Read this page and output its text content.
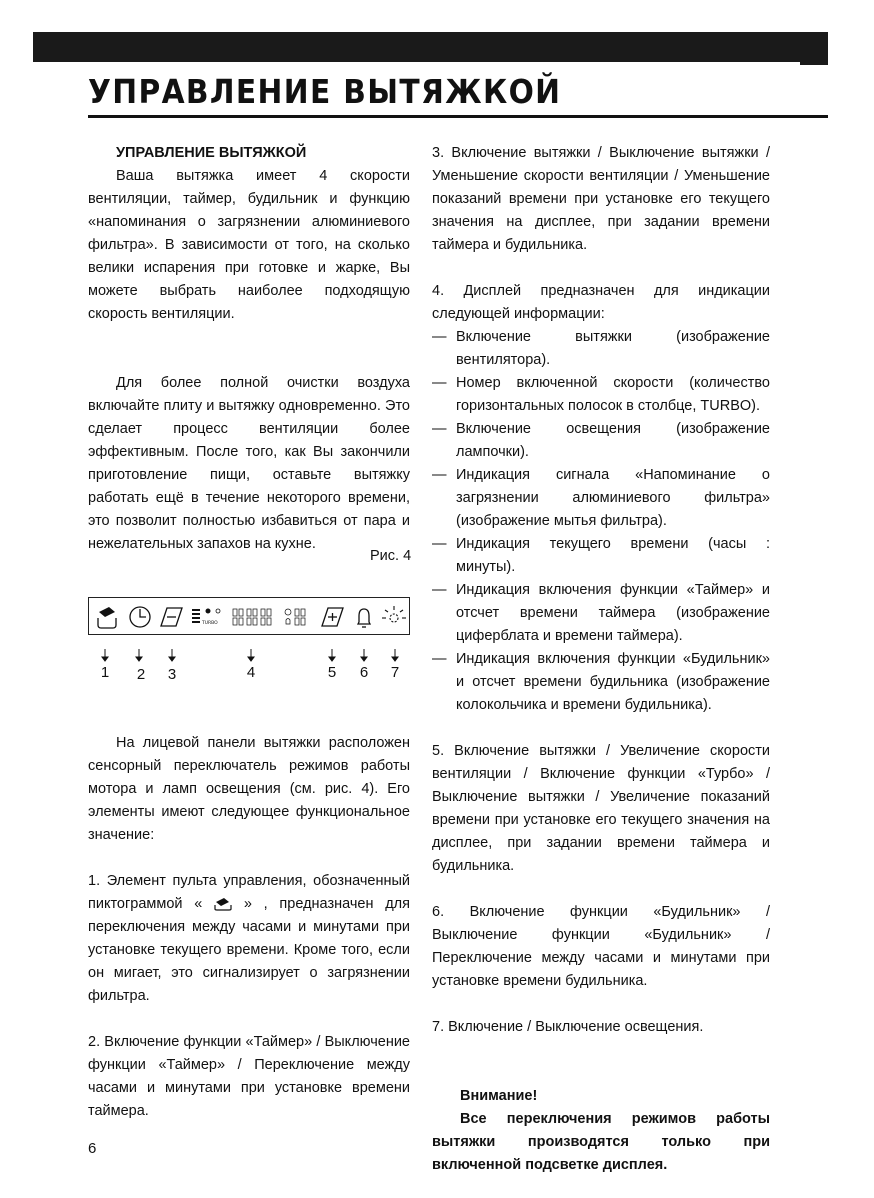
УПРАВЛЕНИЕ ВЫТЯЖКОЙ

УПРАВЛЕНИЕ ВЫТЯЖКОЙ

Ваша вытяжка имеет 4 скорости вентиляции, таймер, будильник и функцию «напоминания о загрязнении алюминиевого фильтра». В зависимости от того, на сколько велики испарения при готовке и жарке, Вы можете выбрать наиболее подходящую скорость вентиляции.

Для более полной очистки воздуха включайте плиту и вытяжку одновременно. Это сделает процесс вентиляции более эффективным. После того, как Вы закончили приготовление пищи, оставьте вытяжку работать ещё в течение некоторого времени, это позволит полностью избавиться от пара и нежелательных запахов на кухне.

Рис. 4
TURBO
1 2 3	4	5 6 7

На лицевой панели вытяжки расположен сенсорный переключатель режимов работы мотора и ламп освещения (см. рис. 4). Его элементы имеют следующее функциональное значение:

1. Элемент пульта управления, обозначенный пиктограммой «	» , предназначен для переключения между часами и минутами при установке текущего времени. Кроме того, если он мигает, это сигнализирует о загрязнении фильтра.

2. Включение функции «Таймер» / Выключение функции «Таймер» / Переключение между часами и минутами при установке времени таймера.

3. Включение вытяжки / Выключение вытяжки / Уменьшение скорости вентиляции / Уменьшение показаний времени при установке его текущего значения на дисплее, при задании времени таймера и будильника.

4. Дисплей предназначен для индикации следующей информации:

— Включение вытяжки (изображение вентилятора).
— Номер включенной скорости (количество горизонтальных полосок в столбце, TURBO).
— Включение освещения (изображение лампочки).
— Индикация сигнала «Напоминание о загрязнении алюминиевого фильтра» (изображение мытья фильтра).
— Индикация текущего времени (часы : минуты).
— Индикация включения функции «Таймер» и отсчет времени таймера (изображение циферблата и времени таймера).
— Индикация включения функции «Будильник» и отсчет времени будильника (изображение колокольчика и времени будильника).

5. Включение вытяжки / Увеличение скорости вентиляции / Включение функции «Турбо» / Выключение вытяжки / Увеличение показаний времени при установке его текущего значения на дисплее, при задании времени таймера и будильника.

6. Включение функции «Будильник» / Выключение функции «Будильник» / Переключение между часами и минутами при установке времени будильника.

7. Включение / Выключение освещения.

Внимание!

Все переключения режимов работы вытяжки производятся только при включенной подсветке дисплея.

6
